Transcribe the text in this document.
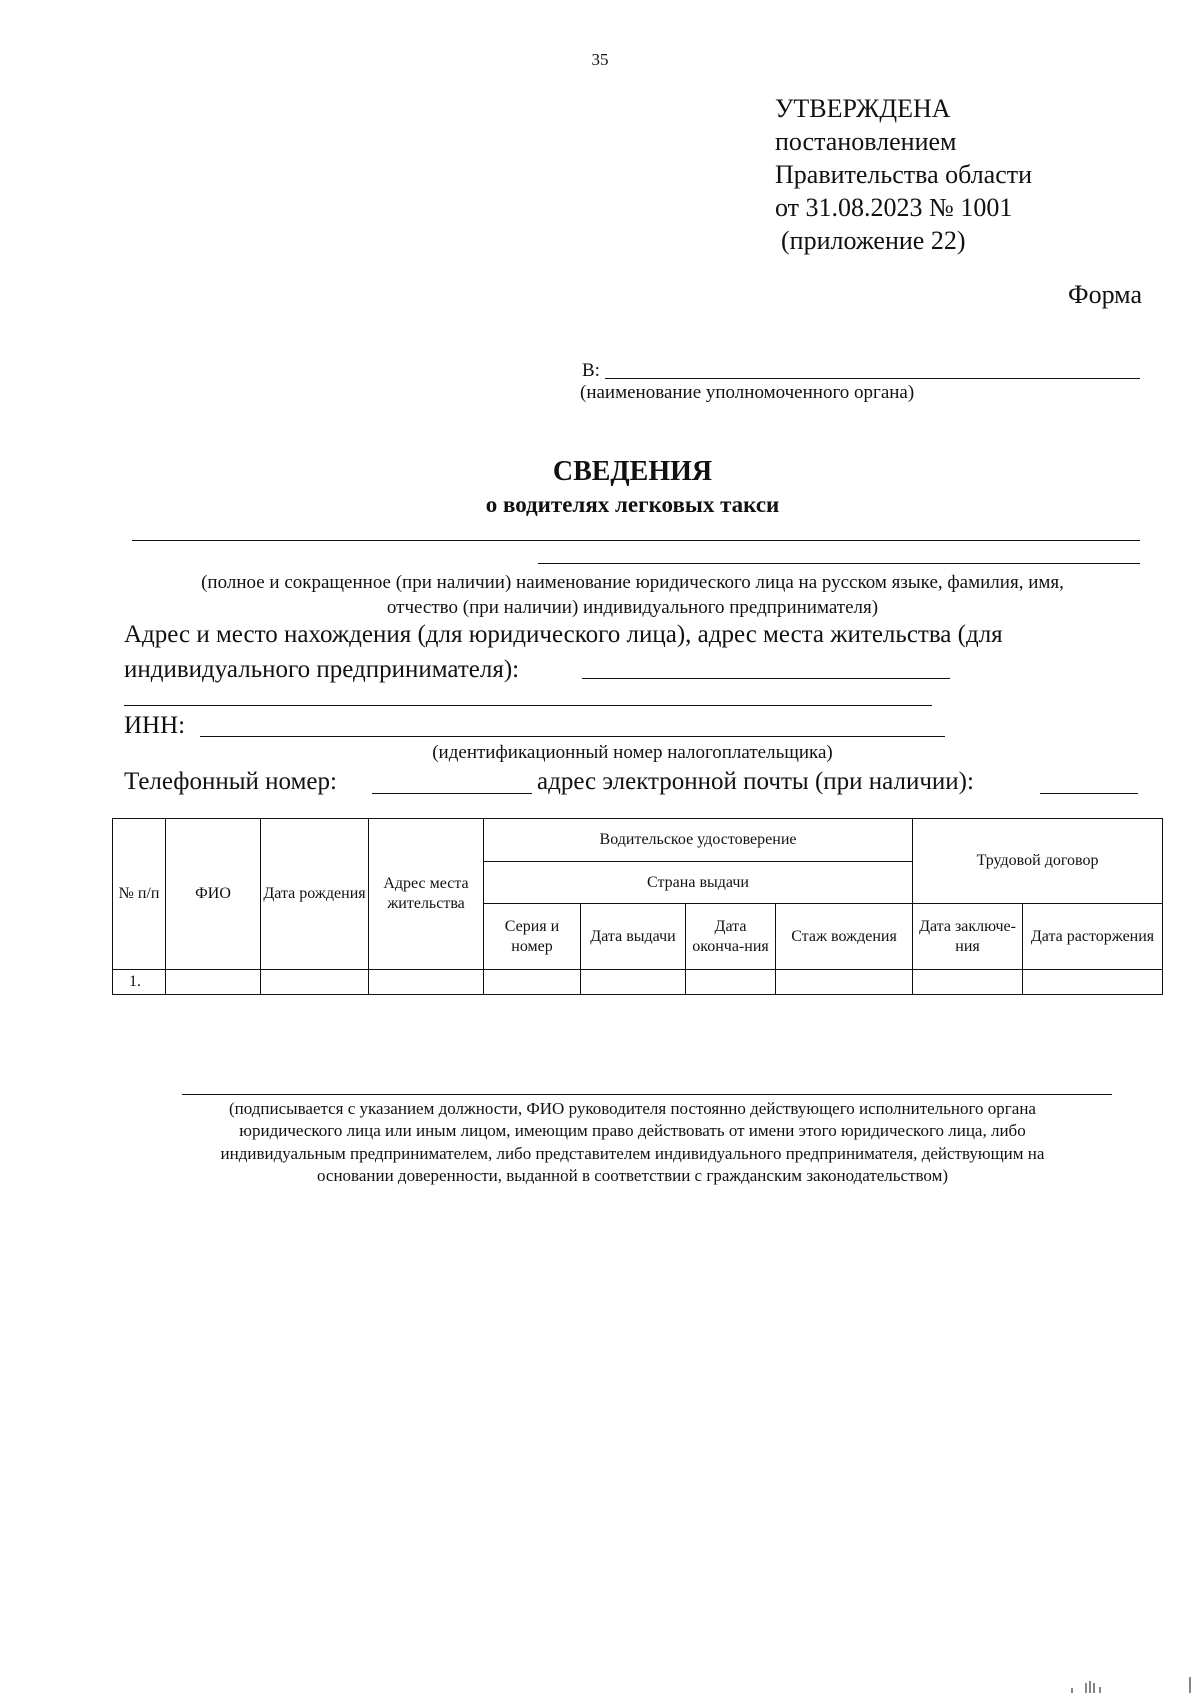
35
УТВЕРЖДЕНА
постановлением
Правительства области
от 31.08.2023 № 1001
(приложение 22)
Форма
В:
(наименование уполномоченного органа)
СВЕДЕНИЯ
о водителях легковых такси
(полное и сокращенное (при наличии) наименование юридического лица на русском языке, фамилия, имя,
отчество (при наличии) индивидуального предпринимателя)
Адрес и место нахождения (для юридического лица), адрес места жительства (для
индивидуального предпринимателя):
ИНН:
(идентификационный номер налогоплательщика)
Телефонный номер:	адрес электронной почты (при наличии):
№ п/п	ФИО	Дата рождения	Адрес места жительства	Водительское удостоверение				Трудовой договор	
				Страна выдачи					
				Серия и номер	Дата выдачи	Дата оконча-ния	Стаж вождения	Дата заключе-ния	Дата расторжения
1.									
(подписывается с указанием должности, ФИО руководителя постоянно действующего исполнительного органа
юридического лица или иным лицом, имеющим право действовать от имени этого юридического лица, либо
индивидуальным предпринимателем, либо представителем индивидуального предпринимателя, действующим на
основании доверенности, выданной в соответствии с гражданским законодательством)
